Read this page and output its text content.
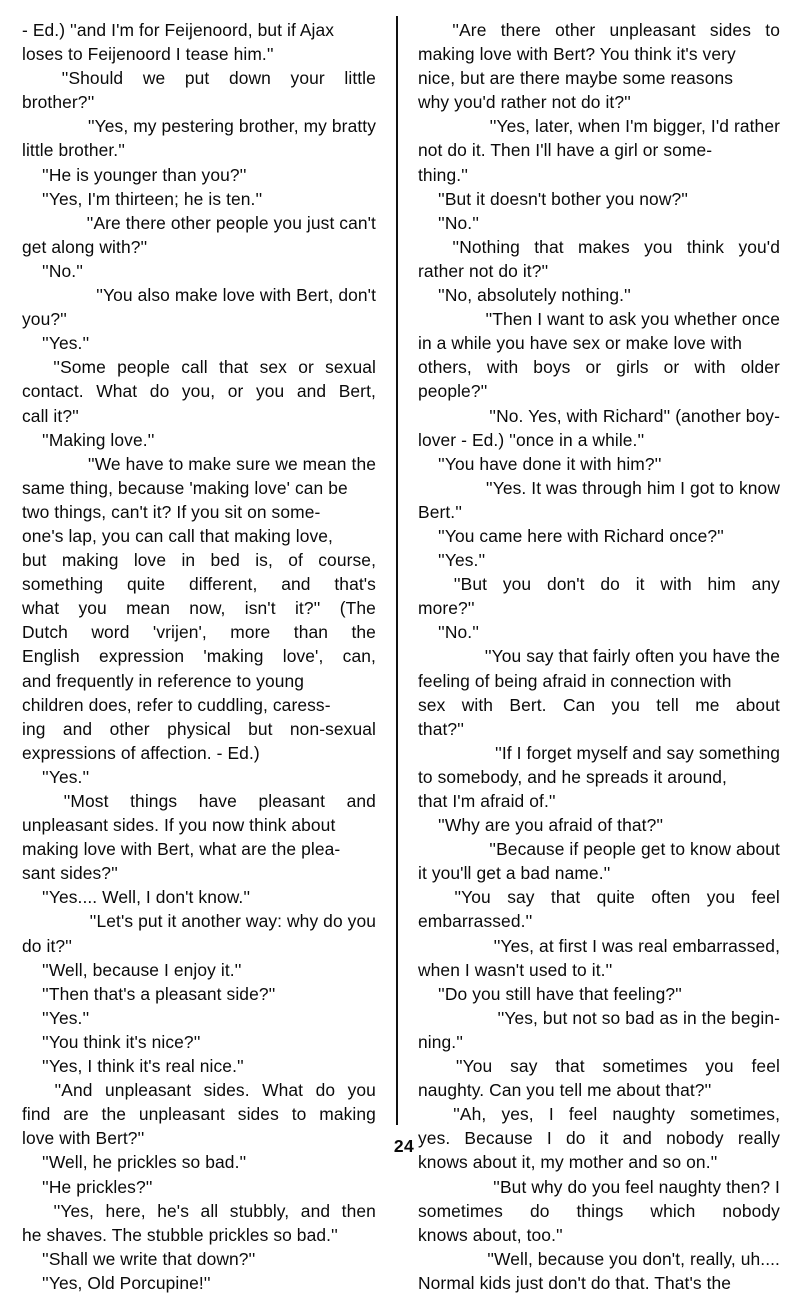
- Ed.) ''and I'm for Feijenoord, but if Ajax
loses to Feijenoord I tease him.''
''Should we put down your little
brother?''
''Yes, my pestering brother, my bratty
little brother.''
''He is younger than you?''
''Yes, I'm thirteen; he is ten.''
''Are there other people you just can't
get along with?''
''No.''
''You also make love with Bert, don't
you?''
''Yes.''
''Some people call that sex or sexual
contact. What do you, or you and Bert,
call it?''
''Making love.''
''We have to make sure we mean the
same thing, because 'making love' can be
two things, can't it? If you sit on some-
one's lap, you can call that making love,
but making love in bed is, of course,
something quite different, and that's
what you mean now, isn't it?'' (The
Dutch word 'vrijen', more than the
English expression 'making love', can,
and frequently in reference to young
children does, refer to cuddling, caress-
ing and other physical but non-sexual
expressions of affection. - Ed.)
''Yes.''
''Most things have pleasant and
unpleasant sides. If you now think about
making love with Bert, what are the plea-
sant sides?''
''Yes.... Well, I don't know.''
''Let's put it another way: why do you
do it?''
''Well, because I enjoy it.''
''Then that's a pleasant side?''
''Yes.''
''You think it's nice?''
''Yes, I think it's real nice.''
''And unpleasant sides. What do you
find are the unpleasant sides to making
love with Bert?''
''Well, he prickles so bad.''
''He prickles?''
''Yes, here, he's all stubbly, and then
he shaves. The stubble prickles so bad.''
''Shall we write that down?''
''Yes, Old Porcupine!''
''Are there other unpleasant sides to
making love with Bert? You think it's very
nice, but are there maybe some reasons
why you'd rather not do it?''
''Yes, later, when I'm bigger, I'd rather
not do it. Then I'll have a girl or some-
thing.''
''But it doesn't bother you now?''
''No.''
''Nothing that makes you think you'd
rather not do it?''
''No, absolutely nothing.''
''Then I want to ask you whether once
in a while you have sex or make love with
others, with boys or girls or with older
people?''
''No. Yes, with Richard'' (another boy-
lover - Ed.) ''once in a while.''
''You have done it with him?''
''Yes. It was through him I got to know
Bert.''
''You came here with Richard once?''
''Yes.''
''But you don't do it with him any
more?''
''No.''
''You say that fairly often you have the
feeling of being afraid in connection with
sex with Bert. Can you tell me about
that?''
''If I forget myself and say something
to somebody, and he spreads it around,
that I'm afraid of.''
''Why are you afraid of that?''
''Because if people get to know about
it you'll get a bad name.''
''You say that quite often you feel
embarrassed.''
''Yes, at first I was real embarrassed,
when I wasn't used to it.''
''Do you still have that feeling?''
''Yes, but not so bad as in the begin-
ning.''
''You say that sometimes you feel
naughty. Can you tell me about that?''
''Ah, yes, I feel naughty sometimes,
yes. Because I do it and nobody really
knows about it, my mother and so on.''
''But why do you feel naughty then? I
sometimes do things which nobody
knows about, too.''
''Well, because you don't, really, uh....
Normal kids just don't do that. That's the
24
